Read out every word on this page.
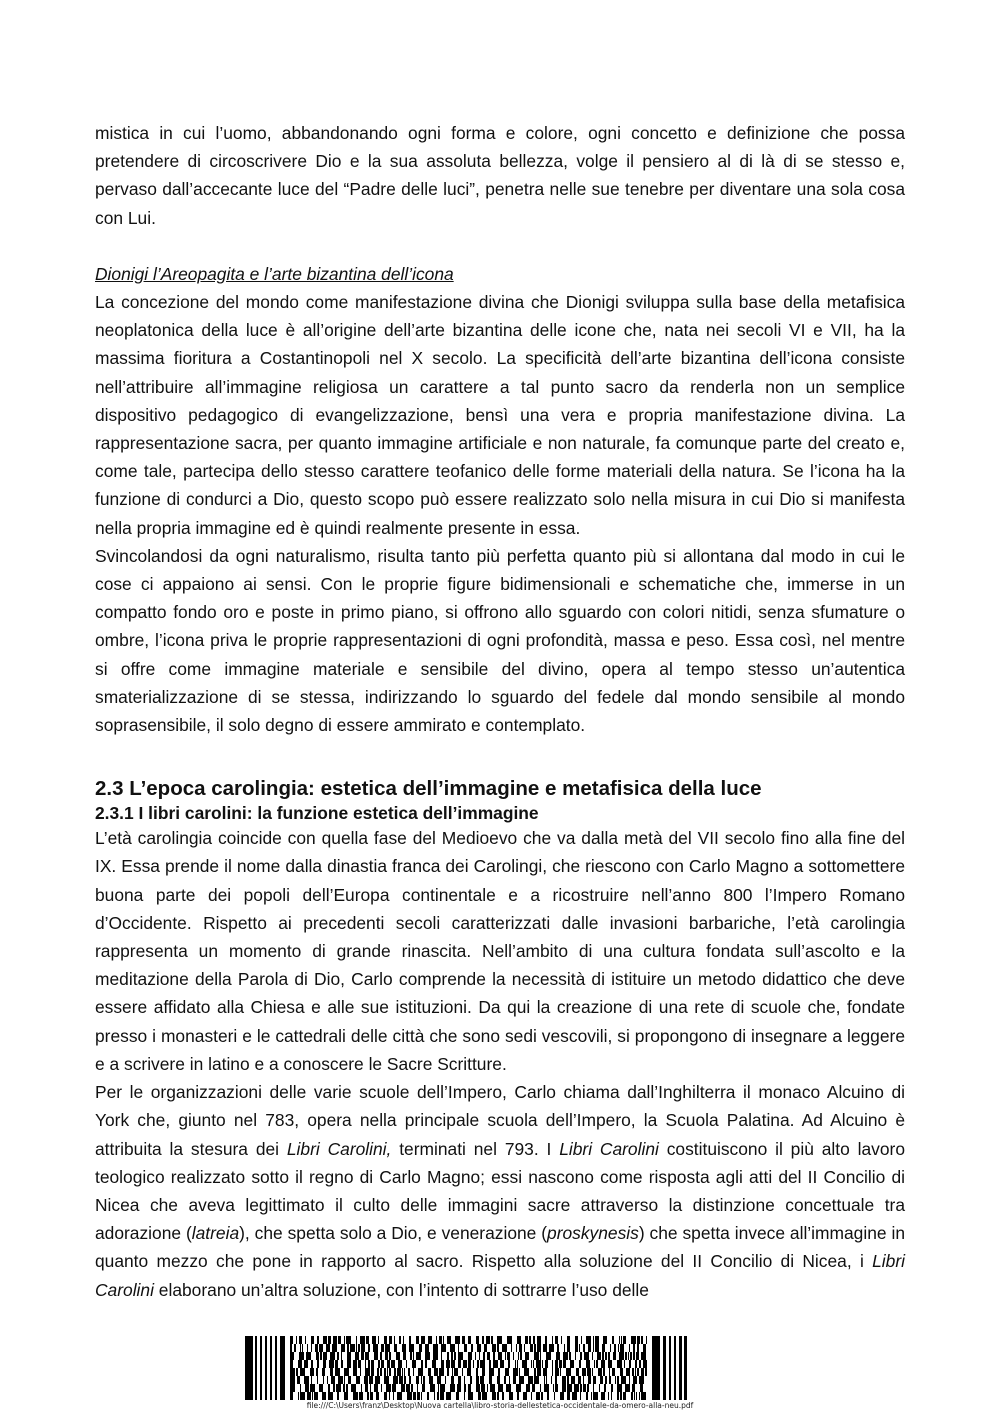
mistica in cui l’uomo, abbandonando ogni forma e colore, ogni concetto e definizione che possa pretendere di circoscrivere Dio e la sua assoluta bellezza, volge il pensiero al di là di se stesso e, pervaso dall’accecante luce del “Padre delle luci”, penetra nelle sue tenebre per diventare una sola cosa con Lui.

Dionigi l’Areopagita e l’arte bizantina dell’icona

La concezione del mondo come manifestazione divina che Dionigi sviluppa sulla base della metafisica neoplatonica della luce è all’origine dell’arte bizantina delle icone che, nata nei secoli VI e VII, ha la massima fioritura a Costantinopoli nel X secolo. La specificità dell’arte bizantina dell’icona consiste nell’attribuire all’immagine religiosa un carattere a tal punto sacro da renderla non un semplice dispositivo pedagogico di evangelizzazione, bensì una vera e propria manifestazione divina. La rappresentazione sacra, per quanto immagine artificiale e non naturale, fa comunque parte del creato e, come tale, partecipa dello stesso carattere teofanico delle forme materiali della natura. Se l’icona ha la funzione di condurci a Dio, questo scopo può essere realizzato solo nella misura in cui Dio si manifesta nella propria immagine ed è quindi realmente presente in essa.

Svincolandosi da ogni naturalismo, risulta tanto più perfetta quanto più si allontana dal modo in cui le cose ci appaiono ai sensi. Con le proprie figure bidimensionali e schematiche che, immerse in un compatto fondo oro e poste in primo piano, si offrono allo sguardo con colori nitidi, senza sfumature o ombre, l’icona priva le proprie rappresentazioni di ogni profondità, massa e peso. Essa così, nel mentre si offre come immagine materiale e sensibile del divino, opera al tempo stesso un’autentica smaterializzazione di se stessa, indirizzando lo sguardo del fedele dal mondo sensibile al mondo soprasensibile, il solo degno di essere ammirato e contemplato.

2.3 L’epoca carolingia: estetica dell’immagine e metafisica della luce
2.3.1 I libri carolini: la funzione estetica dell’immagine

L’età carolingia coincide con quella fase del Medioevo che va dalla metà del VII secolo fino alla fine del IX. Essa prende il nome dalla dinastia franca dei Carolingi, che riescono con Carlo Magno a sottomettere buona parte dei popoli dell’Europa continentale e a ricostruire nell’anno 800 l’Impero Romano d’Occidente. Rispetto ai precedenti secoli caratterizzati dalle invasioni barbariche, l’età carolingia rappresenta un momento di grande rinascita. Nell’ambito di una cultura fondata sull’ascolto e la meditazione della Parola di Dio, Carlo comprende la necessità di istituire un metodo didattico che deve essere affidato alla Chiesa e alle sue istituzioni. Da qui la creazione di una rete di scuole che, fondate presso i monasteri e le cattedrali delle città che sono sedi vescovili, si propongono di insegnare a leggere e a scrivere in latino e a conoscere le Sacre Scritture.

Per le organizzazioni delle varie scuole dell’Impero, Carlo chiama dall’Inghilterra il monaco Alcuino di York che, giunto nel 783, opera nella principale scuola dell’Impero, la Scuola Palatina. Ad Alcuino è attribuita la stesura dei Libri Carolini, terminati nel 793. I Libri Carolini costituiscono il più alto lavoro teologico realizzato sotto il regno di Carlo Magno; essi nascono come risposta agli atti del II Concilio di Nicea che aveva legittimato il culto delle immagini sacre attraverso la distinzione concettuale tra adorazione (latreia), che spetta solo a Dio, e venerazione (proskynesis) che spetta invece all’immagine in quanto mezzo che pone in rapporto al sacro. Rispetto alla soluzione del II Concilio di Nicea, i Libri Carolini elaborano un’altra soluzione, con l’intento di sottrarre l’uso delle

file:///C:\Users\franz\Desktop\Nuova cartella\libro-storia-dellestetica-occidentale-da-omero-alla-neu.pdf
